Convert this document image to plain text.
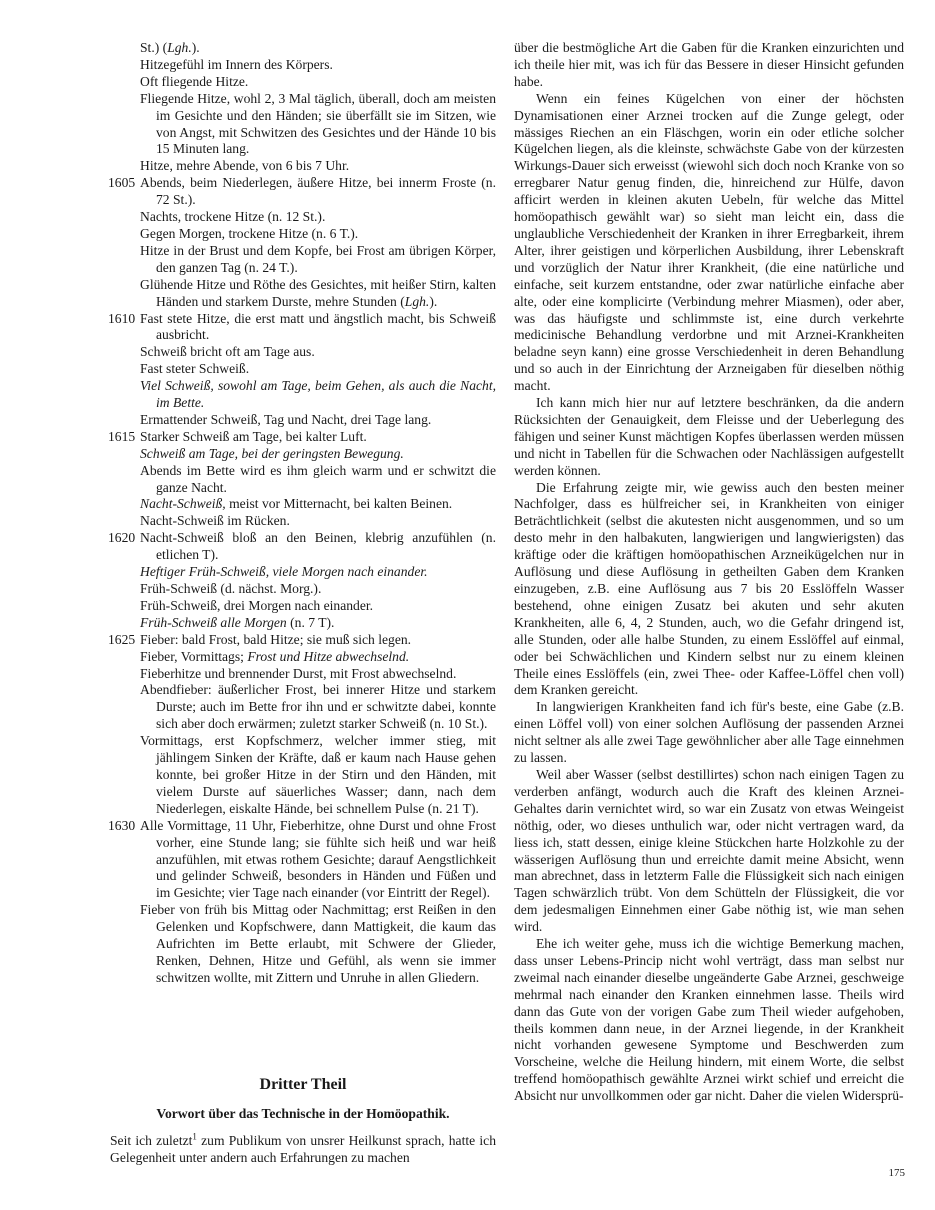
St.) (Lgh.).
Hitzegefühl im Innern des Körpers.
Oft fliegende Hitze.
Fliegende Hitze, wohl 2, 3 Mal täglich, überall, doch am meisten im Gesichte und den Händen; sie überfällt sie im Sitzen, wie von Angst, mit Schwitzen des Gesichtes und der Hände 10 bis 15 Minuten lang.
Hitze, mehre Abende, von 6 bis 7 Uhr.
1605 Abends, beim Niederlegen, äußere Hitze, bei innerm Froste (n. 72 St.).
Nachts, trockene Hitze (n. 12 St.).
Gegen Morgen, trockene Hitze (n. 6 T.).
Hitze in der Brust und dem Kopfe, bei Frost am übrigen Körper, den ganzen Tag (n. 24 T.).
Glühende Hitze und Röthe des Gesichtes, mit heißer Stirn, kalten Händen und starkem Durste, mehre Stunden (Lgh.).
1610 Fast stete Hitze, die erst matt und ängstlich macht, bis Schweiß ausbricht.
Schweiß bricht oft am Tage aus.
Fast steter Schweiß.
Viel Schweiß, sowohl am Tage, beim Gehen, als auch die Nacht, im Bette.
Ermattender Schweiß, Tag und Nacht, drei Tage lang.
1615 Starker Schweiß am Tage, bei kalter Luft.
Schweiß am Tage, bei der geringsten Bewegung.
Abends im Bette wird es ihm gleich warm und er schwitzt die ganze Nacht.
Nacht-Schweiß, meist vor Mitternacht, bei kalten Beinen.
Nacht-Schweiß im Rücken.
1620 Nacht-Schweiß bloß an den Beinen, klebrig anzufühlen (n. etlichen T).
Heftiger Früh-Schweiß, viele Morgen nach einander.
Früh-Schweiß (d. nächst. Morg.).
Früh-Schweiß, drei Morgen nach einander.
Früh-Schweiß alle Morgen (n. 7 T).
1625 Fieber: bald Frost, bald Hitze; sie muß sich legen.
Fieber, Vormittags; Frost und Hitze abwechselnd.
Fieberhitze und brennender Durst, mit Frost abwechselnd.
Abendfieber: äußerlicher Frost, bei innerer Hitze und starkem Durste; auch im Bette fror ihn und er schwitzte dabei, konnte sich aber doch erwärmen; zuletzt starker Schweiß (n. 10 St.).
Vormittags, erst Kopfschmerz, welcher immer stieg, mit jählingem Sinken der Kräfte, daß er kaum nach Hause gehen konnte, bei großer Hitze in der Stirn und den Händen, mit vielem Durste auf säuerliches Wasser; dann, nach dem Niederlegen, eiskalte Hände, bei schnellem Pulse (n. 21 T).
1630 Alle Vormittage, 11 Uhr, Fieberhitze, ohne Durst und ohne Frost vorher, eine Stunde lang; sie fühlte sich heiß und war heiß anzufühlen, mit etwas rothem Gesichte; darauf Aengstlichkeit und gelinder Schweiß, besonders in Händen und Füßen und im Gesichte; vier Tage nach einander (vor Eintritt der Regel).
Fieber von früh bis Mittag oder Nachmittag; erst Reißen in den Gelenken und Kopfschwere, dann Mattigkeit, die kaum das Aufrichten im Bette erlaubt, mit Schwere der Glieder, Renken, Dehnen, Hitze und Gefühl, als wenn sie immer schwitzen wollte, mit Zittern und Unruhe in allen Gliedern.
Dritter Theil
Vorwort über das Technische in der Homöopathik.
Seit ich zuletzt$^1$ zum Publikum von unsrer Heilkunst sprach, hatte ich Gelegenheit unter andern auch Erfahrungen zu machen
über die bestmögliche Art die Gaben für die Kranken einzurichten und ich theile hier mit, was ich für das Bessere in dieser Hinsicht gefunden habe.
Wenn ein feines Kügelchen von einer der höchsten Dynamisationen einer Arznei trocken auf die Zunge gelegt, oder mässiges Riechen an ein Fläschgen, worin ein oder etliche solcher Kügelchen liegen, als die kleinste, schwächste Gabe von der kürzesten Wirkungs-Dauer sich erweisst (wiewohl sich doch noch Kranke von so erregbarer Natur genug finden, die, hinreichend zur Hülfe, davon afficirt werden in kleinen akuten Uebeln, für welche das Mittel homöopathisch gewählt war) so sieht man leicht ein, dass die unglaubliche Verschiedenheit der Kranken in ihrer Erregbarkeit, ihrem Alter, ihrer geistigen und körperlichen Ausbildung, ihrer Lebenskraft und vorzüglich der Natur ihrer Krankheit, (die eine natürliche und einfache, seit kurzem entstandne, oder zwar natürliche einfache aber alte, oder eine komplicirte (Verbindung mehrer Miasmen), oder aber, was das häufigste und schlimmste ist, eine durch verkehrte medicinische Behandlung verdorbne und mit Arznei-Krankheiten beladne seyn kann) eine grosse Verschiedenheit in deren Behandlung und so auch in der Einrichtung der Arzneigaben für dieselben nöthig macht.
Ich kann mich hier nur auf letztere beschränken, da die andern Rücksichten der Genauigkeit, dem Fleisse und der Ueberlegung des fähigen und seiner Kunst mächtigen Kopfes überlassen werden müssen und nicht in Tabellen für die Schwachen oder Nachlässigen aufgestellt werden können.
Die Erfahrung zeigte mir, wie gewiss auch den besten meiner Nachfolger, dass es hülfreicher sei, in Krankheiten von einiger Beträchtlichkeit (selbst die akutesten nicht ausgenommen, und so um desto mehr in den halbakuten, langwierigen und langwierigsten) das kräftige oder die kräftigen homöopathischen Arzneikügelchen nur in Auflösung und diese Auflösung in getheilten Gaben dem Kranken einzugeben, z.B. eine Auflösung aus 7 bis 20 Esslöffeln Wasser bestehend, ohne einigen Zusatz bei akuten und sehr akuten Krankheiten, alle 6, 4, 2 Stunden, auch, wo die Gefahr dringend ist, alle Stunden, oder alle halbe Stunden, zu einem Esslöffel auf einmal, oder bei Schwächlichen und Kindern selbst nur zu einem kleinen Theile eines Esslöffels (ein, zwei Thee- oder Kaffee-Löffel chen voll) dem Kranken gereicht.
In langwierigen Krankheiten fand ich für's beste, eine Gabe (z.B. einen Löffel voll) von einer solchen Auflösung der passenden Arznei nicht seltner als alle zwei Tage gewöhnlicher aber alle Tage einnehmen zu lassen.
Weil aber Wasser (selbst destillirtes) schon nach einigen Tagen zu verderben anfängt, wodurch auch die Kraft des kleinen Arznei-Gehaltes darin vernichtet wird, so war ein Zusatz von etwas Weingeist nöthig, oder, wo dieses unthulich war, oder nicht vertragen ward, da liess ich, statt dessen, einige kleine Stückchen harte Holzkohle zu der wässerigen Auflösung thun und erreichte damit meine Absicht, wenn man abrechnet, dass in letzterm Falle die Flüssigkeit sich nach einigen Tagen schwärzlich trübt. Von dem Schütteln der Flüssigkeit, die vor dem jedesmaligen Einnehmen einer Gabe nöthig ist, wie man sehen wird.
Ehe ich weiter gehe, muss ich die wichtige Bemerkung machen, dass unser Lebens-Princip nicht wohl verträgt, dass man selbst nur zweimal nach einander dieselbe ungeänderte Gabe Arznei, geschweige mehrmal nach einander den Kranken einnehmen lasse. Theils wird dann das Gute von der vorigen Gabe zum Theil wieder aufgehoben, theils kommen dann neue, in der Arznei liegende, in der Krankheit nicht vorhanden gewesene Symptome und Beschwerden zum Vorscheine, welche die Heilung hindern, mit einem Worte, die selbst treffend homöopathisch gewählte Arznei wirkt schief und erreicht die Absicht nur unvollkommen oder gar nicht. Daher die vielen Widersprü-
175
